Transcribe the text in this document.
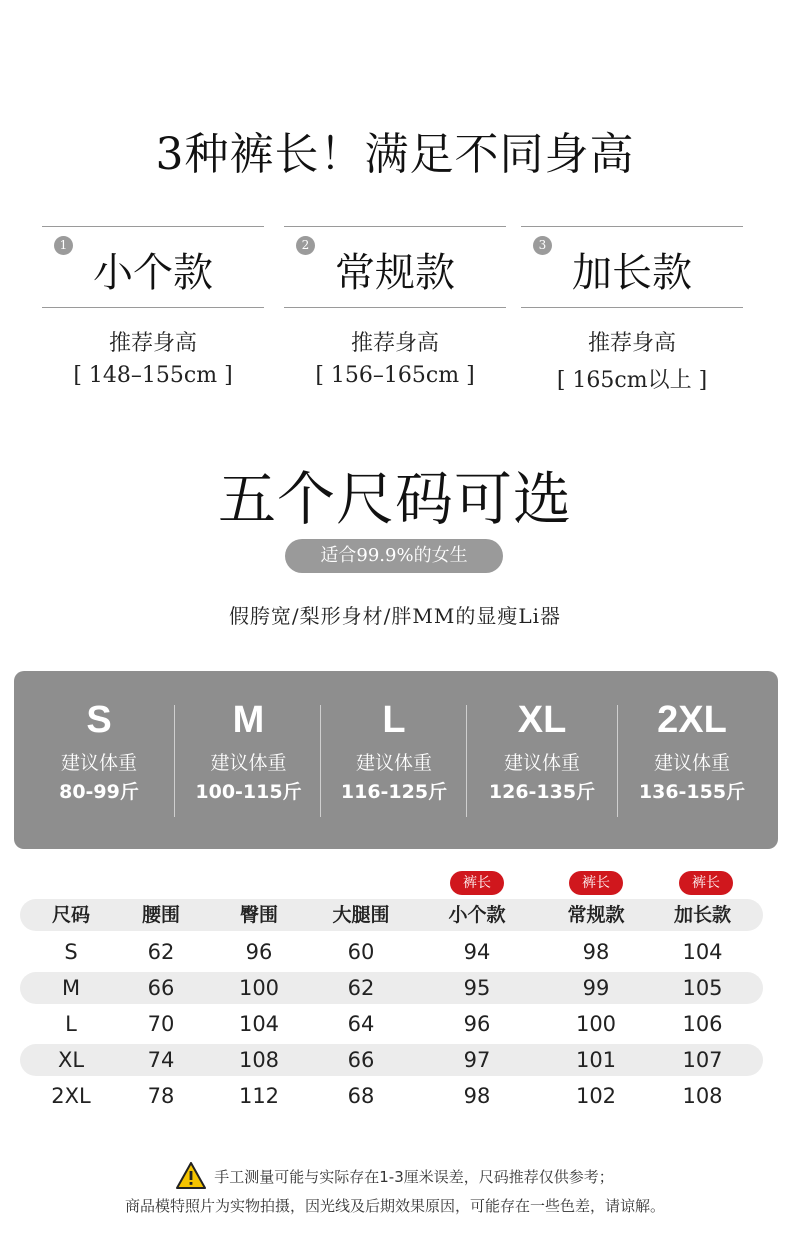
3种裤长！满足不同身高
1
小个款
推荐身高
[ 148–155cm ]
2
常规款
推荐身高
[ 156–165cm ]
3
加长款
推荐身高
[ 165cm以上 ]
五个尺码可选
适合99.9%的女生
假胯宽/梨形身材/胖MM的显瘦Li器
S
建议体重
80-99斤
M
建议体重
100-115斤
L
建议体重
116-125斤
XL
建议体重
126-135斤
2XL
建议体重
136-155斤
裤长	裤长	裤长
尺码	腰围	臀围	大腿围	小个款	常规款	加长款
S	62	96	60	94	98	104
M	66	100	62	95	99	105
L	70	104	64	96	100	106
XL	74	108	66	97	101	107
2XL	78	112	68	98	102	108
手工测量可能与实际存在1-3厘米误差，尺码推荐仅供参考；
商品模特照片为实物拍摄，因光线及后期效果原因，可能存在一些色差，请谅解。
